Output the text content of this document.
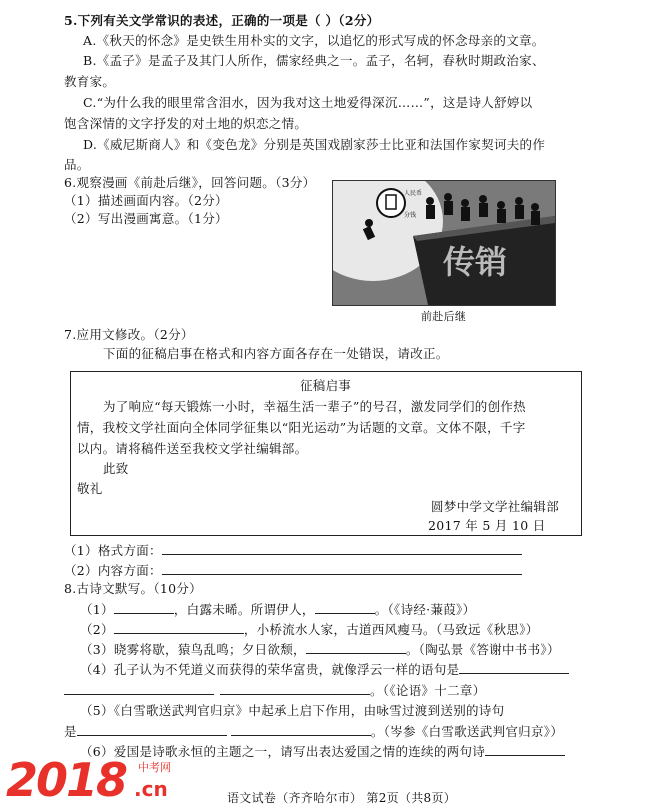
5.下列有关文学常识的表述，正确的一项是（ ）（2分）
A.《秋天的怀念》是史铁生用朴实的文字，以追忆的形式写成的怀念母亲的文章。
B.《孟子》是孟子及其门人所作，儒家经典之一。孟子，名轲，春秋时期政治家、
教育家。
C.“为什么我的眼里常含泪水，因为我对这土地爱得深沉……”，这是诗人舒婷以
饱含深情的文字抒发的对土地的炽恋之情。
D.《威尼斯商人》和《变色龙》分别是英国戏剧家莎士比亚和法国作家契诃夫的作
品。
6.观察漫画《前赴后继》，回答问题。（3分）
（1）描述画面内容。（2分）
（2）写出漫画寓意。（1分）
人民币
分钱
传销
前赴后继
7.应用文修改。（2分）
下面的征稿启事在格式和内容方面各存在一处错误，请改正。
征稿启事
为了响应“每天锻炼一小时，幸福生活一辈子”的号召，激发同学们的创作热
情，我校文学社面向全体同学征集以“阳光运动”为话题的文章。文体不限，千字
以内。请将稿件送至我校文学社编辑部。
此致
敬礼
圆梦中学文学社编辑部
2017 年 5 月 10 日
（1）格式方面：
（2）内容方面：
8.古诗文默写。（10分）
（1）	，白露未晞。所谓伊人，	。（《诗经·蒹葭》）
（2）	，小桥流水人家，古道西风瘦马。（马致远《秋思》）
（3）晓雾将歇，猿鸟乱鸣；夕日欲颓，	。（陶弘景《答谢中书书》）
（4）孔子认为不凭道义而获得的荣华富贵，就像浮云一样的语句是
。（《论语》十二章）
（5）《白雪歌送武判官归京》中起承上启下作用，由咏雪过渡到送别的诗句
是	。（岑参《白雪歌送武判官归京》）
（6）爱国是诗歌永恒的主题之一，请写出表达爱国之情的连续的两句诗
语文试卷（齐齐哈尔市） 第2页（共8页）
2018 中考网
.cn
